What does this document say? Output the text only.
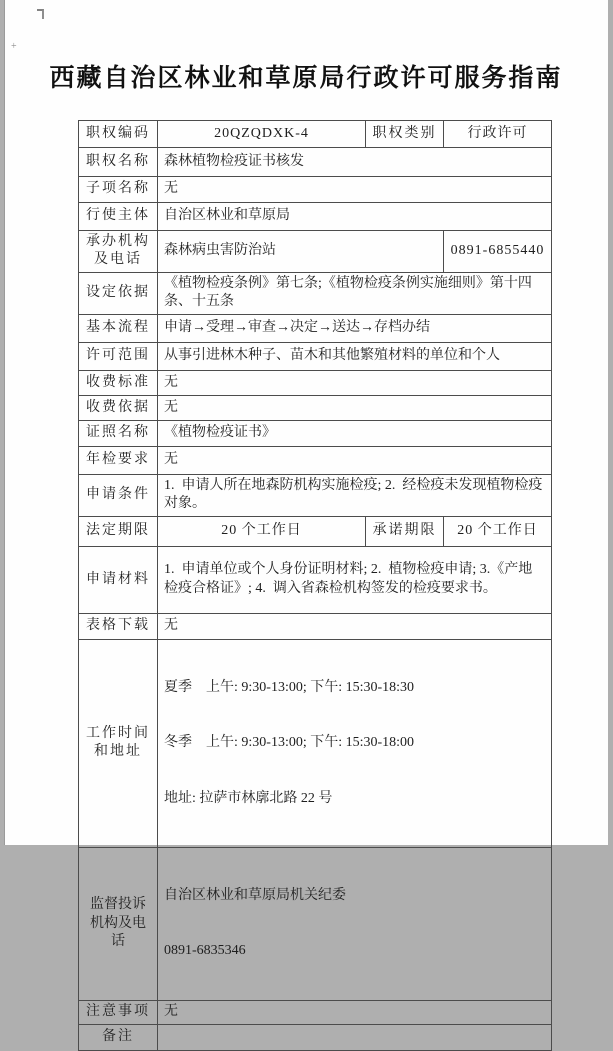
+
西藏自治区林业和草原局行政许可服务指南
职权编码	20QZQDXK-4	职权类别	行政许可
职权名称	森林植物检疫证书核发		
子项名称	无		
行使主体	自治区林业和草原局		

承办机构
及电话	森林病虫害防治站		0891-6855440
设定依据	《植物检疫条例》第七条;《植物检疫条例实施细则》第十四条、十五条		
基本流程	申请→受理→审查→决定→送达→存档办结		
许可范围	从事引进林木种子、苗木和其他繁殖材料的单位和个人		
收费标准	无		
收费依据	无		
证照名称	《植物检疫证书》		
年检要求	无		
申请条件	1.  申请人所在地森防机构实施检疫; 2.  经检疫未发现植物检疫对象。		
法定期限	20 个工作日	承诺期限	20 个工作日
申请材料	1.  申请单位或个人身份证明材料; 2.  植物检疫申请; 3.《产地检疫合格证》; 4.  调入省森检机构签发的检疫要求书。		
表格下载	无		

工作时间
和地址	夏季　上午: 9:30-13:00; 下午: 15:30-18:30

冬季　上午: 9:30-13:00; 下午: 15:30-18:00

地址: 拉萨市林廓北路 22 号		

监督投诉
机构及电话	自治区林业和草原局机关纪委

0891-6835346		

注意事项	无		
备注			
